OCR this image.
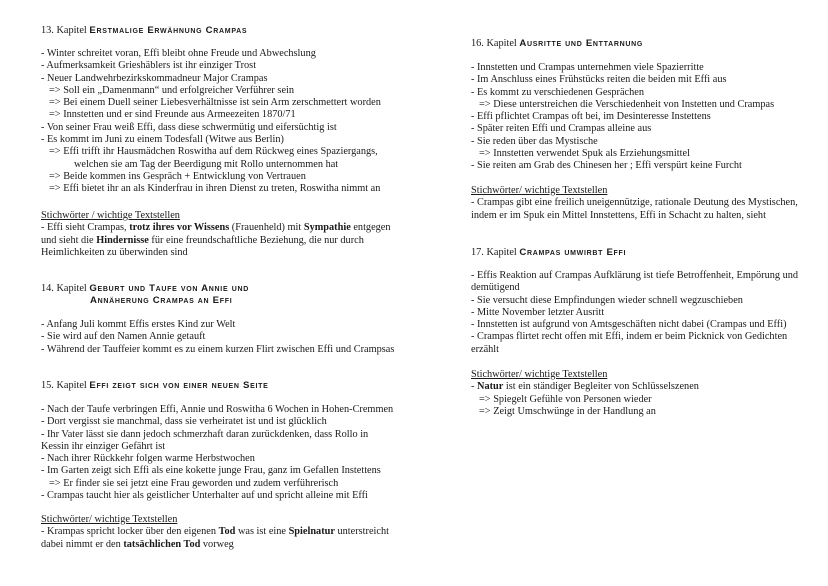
13. Kapitel Erstmalige Erwähnung Crampas
- Winter schreitet voran, Effi bleibt ohne Freude und Abwechslung
- Aufmerksamkeit Grieshäblers ist ihr einziger Trost
- Neuer Landwehrbezirkskommadneur Major Crampas
=> Soll ein „Damenmann“ und erfolgreicher Verführer sein
=> Bei einem Duell seiner Liebesverhältnisse ist sein Arm zerschmettert worden
=> Innstetten und er sind Freunde aus Armeezeiten 1870/71
- Von seiner Frau weiß Effi, dass diese schwermütig und eifersüchtig ist
- Es kommt im Juni zu einem Todesfall (Witwe aus Berlin)
=> Effi trifft ihr Hausmädchen Roswitha auf dem Rückweg eines Spaziergangs,
welchen sie am Tag der Beerdigung mit Rollo unternommen hat
=> Beide kommen ins Gespräch + Entwicklung von Vertrauen
=> Effi bietet ihr an als Kinderfrau in ihren Dienst zu treten, Roswitha nimmt an
Stichwörter / wichtige Textstellen
- Effi sieht Crampas, trotz ihres vor Wissens (Frauenheld) mit Sympathie entgegen
und sieht die Hindernisse für eine freundschaftliche Beziehung, die nur durch
Heimlichkeiten zu überwinden sind
14. Kapitel Geburt und Taufe von Annie und
Annäherung Crampas an Effi
- Anfang Juli kommt Effis erstes Kind zur Welt
- Sie wird auf den Namen Annie getauft
- Während der Tauffeier kommt es zu einem kurzen Flirt zwischen Effi und Crampsas
15. Kapitel Effi zeigt sich von einer neuen Seite
- Nach der Taufe verbringen Effi, Annie und Roswitha 6 Wochen in Hohen-Cremmen
- Dort vergisst sie manchmal, dass sie verheiratet ist und ist glücklich
- Ihr Vater lässt sie dann jedoch schmerzhaft daran zurückdenken, dass Rollo in
Kessin ihr einziger Gefährt ist
- Nach ihrer Rückkehr folgen warme Herbstwochen
- Im Garten zeigt sich Effi als eine kokette junge Frau, ganz im Gefallen Instettens
=> Er finder sie sei jetzt eine Frau geworden und zudem verführerisch
- Crampas taucht hier als geistlicher Unterhalter auf und spricht alleine mit Effi
Stichwörter/ wichtige Textstellen
- Krampas spricht locker über den eigenen Tod was ist eine Spielnatur unterstreicht
dabei nimmt er den tatsächlichen Tod vorweg
16. Kapitel Ausritte und Enttarnung
- Innstetten und Crampas unternehmen viele Spazierritte
- Im Anschluss eines Frühstücks reiten die beiden mit Effi aus
- Es kommt zu verschiedenen Gesprächen
=> Diese unterstreichen die Verschiedenheit von Instetten und Crampas
- Effi pflichtet Crampas oft bei, im Desinteresse Instettens
- Später reiten Effi und Crampas alleine aus
- Sie reden über das Mystische
=> Innstetten verwendet Spuk als Erziehungsmittel
- Sie reiten am Grab des Chinesen her ; Effi verspürt keine Furcht
Stichwörter/ wichtige Textstellen
- Crampas gibt eine freilich uneigennützige, rationale Deutung des Mystischen,
indem er im Spuk ein Mittel Innstettens, Effi in Schacht zu halten, sieht
17. Kapitel Crampas umwirbt Effi
- Effis Reaktion auf Crampas Aufklärung ist tiefe Betroffenheit, Empörung und
demütigend
- Sie versucht diese Empfindungen wieder schnell wegzuschieben
- Mitte November letzter Ausritt
- Innstetten ist aufgrund von Amtsgeschäften nicht dabei (Crampas und Effi)
- Crampas flirtet recht offen mit Effi, indem er beim Picknick von Gedichten
erzählt
Stichwörter/ wichtige Textstellen
- Natur ist ein ständiger Begleiter von Schlüsselszenen
=> Spiegelt Gefühle von Personen wieder
=> Zeigt Umschwünge in der Handlung an
